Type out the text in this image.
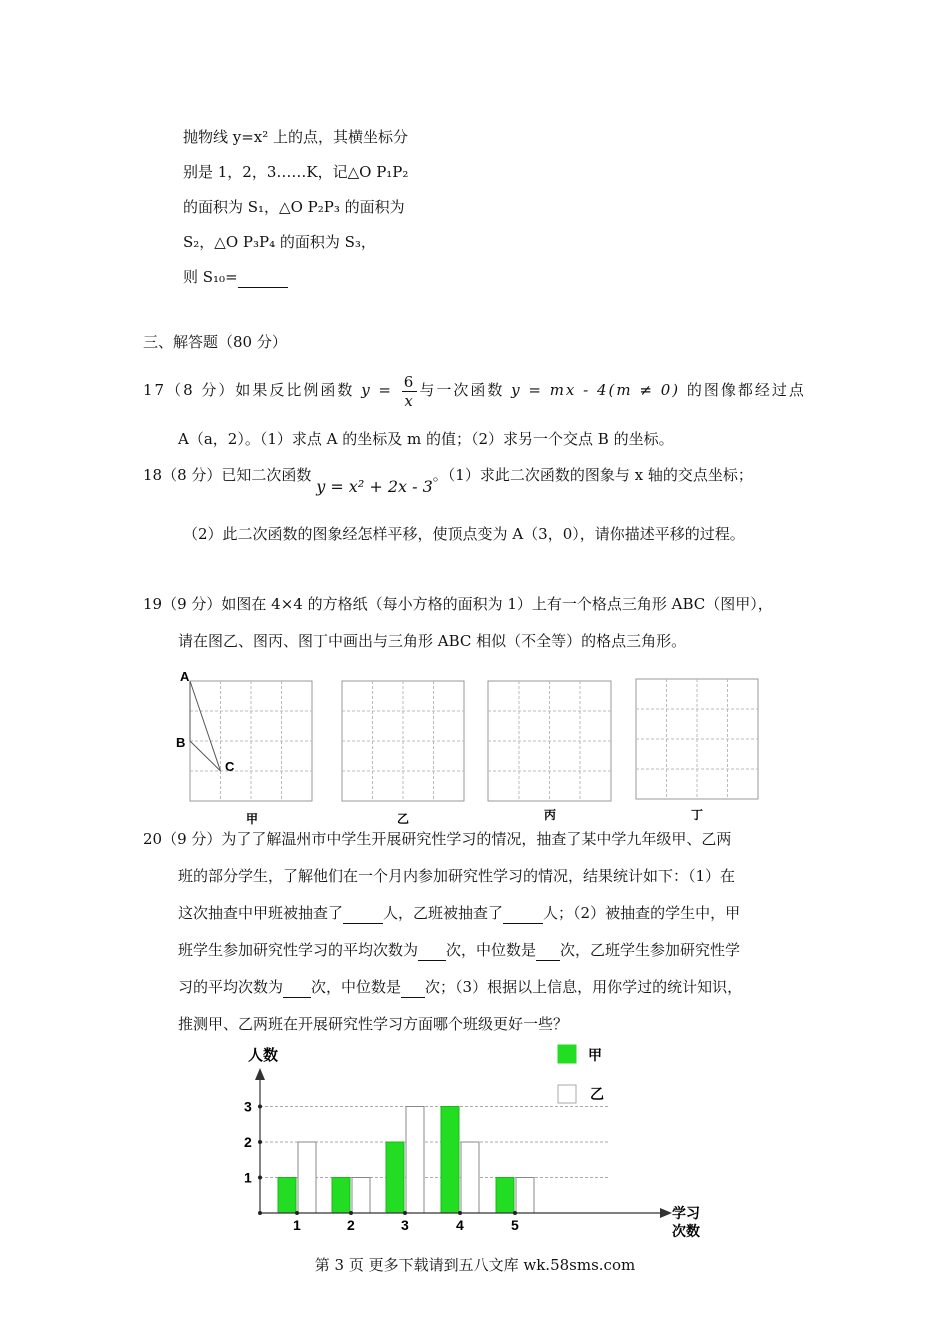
抛物线 y=x² 上的点，其横坐标分
别是 1，2，3……K，记△O P₁P₂
的面积为 S₁，△O P₂P₃ 的面积为
S₂，△O P₃P₄ 的面积为 S₃，
则 S₁₀=
三、解答题（80 分）
17（8 分）如果反比例函数 $y = \frac{6}{x}$ 与一次函数 y = mx - 4(m ≠ 0) 的图像都经过点
A（a，2）。（1）求点 A 的坐标及 m 的值；（2）求另一个交点 B 的坐标。
18（8 分）已知二次函数 y = x² + 2x - 3。（1）求此二次函数的图象与 x 轴的交点坐标；
（2）此二次函数的图象经怎样平移，使顶点变为 A（3，0），请你描述平移的过程。
19（9 分）如图在 4×4 的方格纸（每小方格的面积为 1）上有一个格点三角形 ABC（图甲），
请在图乙、图丙、图丁中画出与三角形 ABC 相似（不全等）的格点三角形。
A
B
C
甲	乙	丙	丁
20（9 分）为了了解温州市中学生开展研究性学习的情况，抽查了某中学九年级甲、乙两
班的部分学生，了解他们在一个月内参加研究性学习的情况，结果统计如下：（1）在
这次抽查中甲班被抽查了	人，乙班被抽查了	人；（2）被抽查的学生中，甲
班学生参加研究性学习的平均次数为 次，中位数是 次，乙班学生参加研究性学
习的平均次数为 次，中位数是 次；（3）根据以上信息，用你学过的统计知识，
推测甲、乙两班在开展研究性学习方面哪个班级更好一些？
1
2
3
1	2	3	4	5
人数
学习
次数
甲
乙
第 3 页 更多下载请到五八文库 wk.58sms.com
